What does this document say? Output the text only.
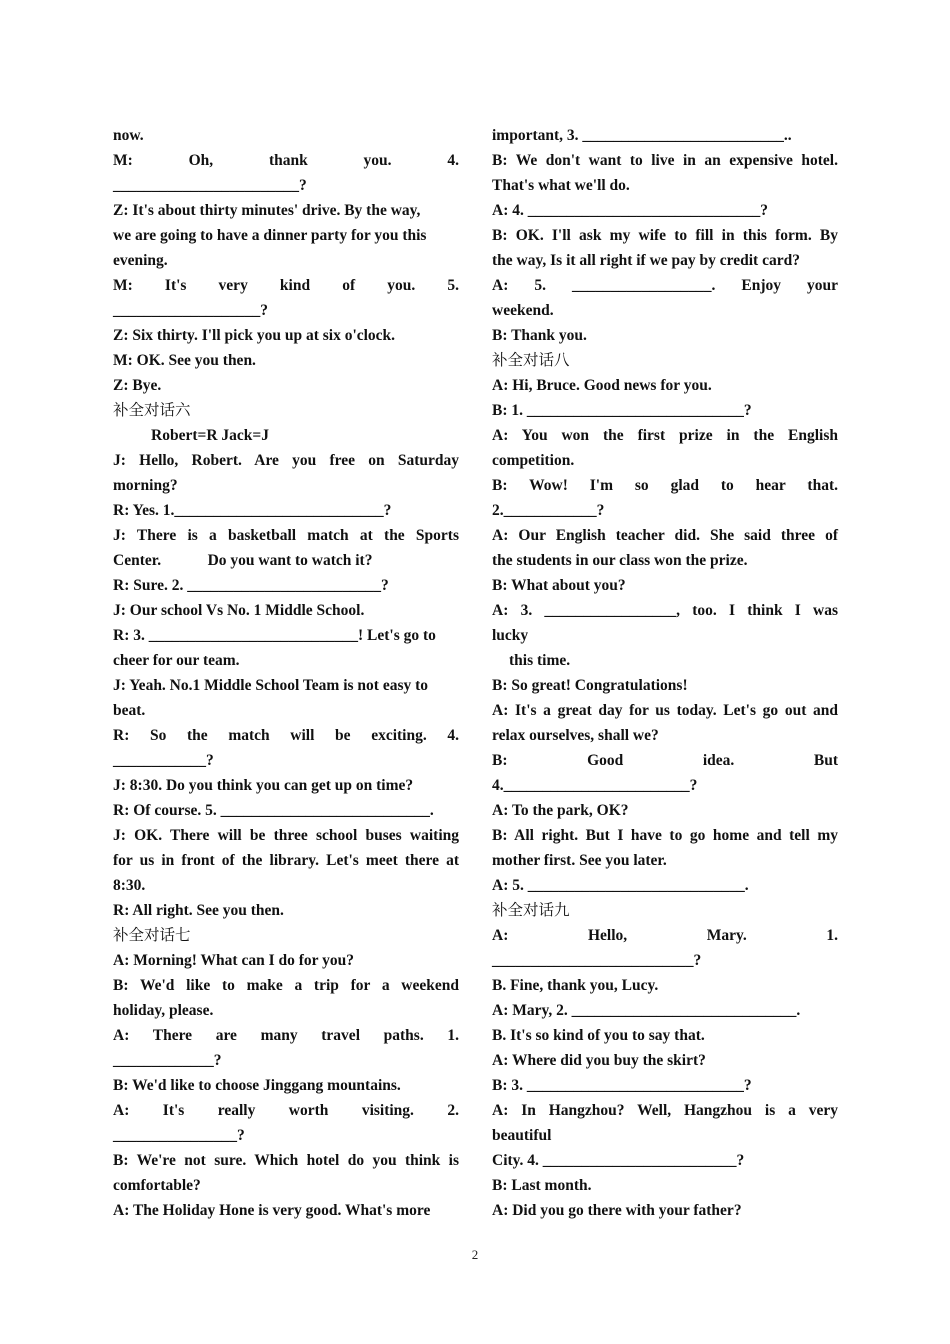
now.
M: Oh, thank you. 4.
________________________?
Z: It's about thirty minutes' drive. By the way,
we are going to have a dinner party for you this
evening.
M: It's very kind of you. 5.
___________________?
Z: Six thirty. I'll pick you up at six o'clock.
M: OK. See you then.
Z: Bye.
补全对话六
Robert=R Jack=J
J: Hello, Robert. Are you free on Saturday
morning?
R: Yes. 1.___________________________?
J: There is a basketball match at the Sports
Center.            Do you want to watch it?
R: Sure. 2. _________________________?
J: Our school Vs No. 1 Middle School.
R: 3. ___________________________! Let's go to
cheer for our team.
J: Yeah. No.1 Middle School Team is not easy to
beat.
R: So the match will be exciting. 4.
____________?
J: 8:30. Do you think you can get up on time?
R: Of course. 5. ___________________________.
J: OK. There will be three school buses waiting
for us in front of the library. Let's meet there at
8:30.
R: All right. See you then.
补全对话七
A: Morning! What can I do for you?
B: We'd like to make a trip for a weekend
holiday, please.
A: There are many travel paths. 1.
_____________?
B: We'd like to choose Jinggang mountains.
A: It's really worth visiting. 2.
________________?
B: We're not sure. Which hotel do you think is
comfortable?
A: The Holiday Hone is very good. What's more
important, 3. __________________________..
B: We don't want to live in an expensive hotel.
That's what we'll do.
A: 4. ______________________________?
B: OK. I'll ask my wife to fill in this form. By
the way, Is it all right if we pay by credit card?
A: 5. __________________. Enjoy your
weekend.
B: Thank you.
补全对话八
A: Hi, Bruce. Good news for you.
B: 1. ____________________________?
A: You won the first prize in the English
competition.
B: Wow! I'm so glad to hear that.
2.____________?
A: Our English teacher did. She said three of
the students in our class won the prize.
B: What about you?
A: 3. _________________, too. I think I was
lucky
this time.
B: So great! Congratulations!
A: It's a great day for us today. Let's go out and
relax ourselves, shall we?
B: Good idea. But
4.________________________?
A: To the park, OK?
B: All right. But I have to go home and tell my
mother first. See you later.
A: 5. ____________________________.
补全对话九
A: Hello, Mary. 1.
__________________________?
B. Fine, thank you, Lucy.
A: Mary, 2. _____________________________.
B. It's so kind of you to say that.
A: Where did you buy the skirt?
B: 3. ____________________________?
A: In Hangzhou? Well, Hangzhou is a very
beautiful
City. 4. _________________________?
B: Last month.
A: Did you go there with your father?
2
